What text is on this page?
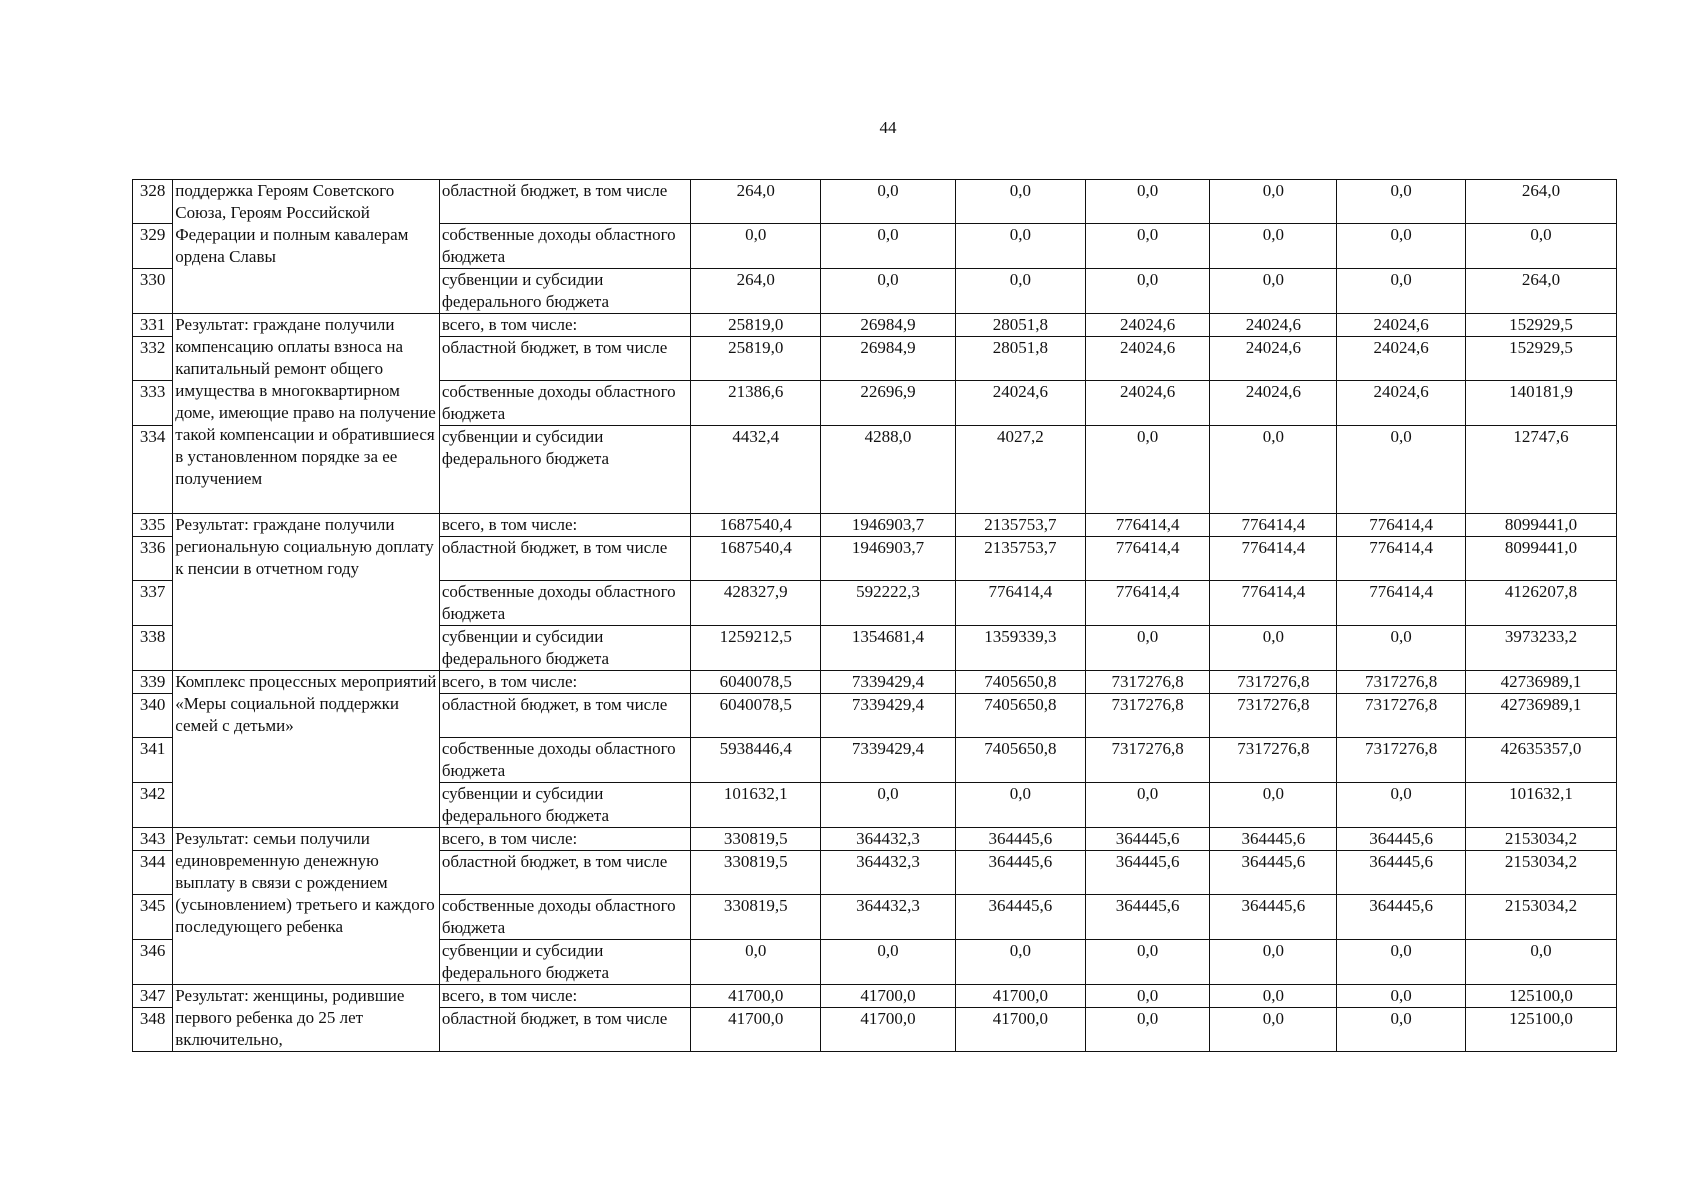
44
328	поддержка Героям Советского Союза, Героям Российской Федерации и полным кавалерам ордена Славы	областной бюджет, в том числе	264,0	0,0	0,0	0,0	0,0	0,0	264,0
329		собственные доходы областного бюджета	0,0	0,0	0,0	0,0	0,0	0,0	0,0
330		субвенции и субсидии федерального бюджета	264,0	0,0	0,0	0,0	0,0	0,0	264,0
331	Результат: граждане получили компенсацию оплаты взноса на капитальный ремонт общего имущества в многоквартирном доме, имеющие право на получение такой компенсации и обратившиеся в установленном порядке за ее получением	всего, в том числе:	25819,0	26984,9	28051,8	24024,6	24024,6	24024,6	152929,5
332		областной бюджет, в том числе	25819,0	26984,9	28051,8	24024,6	24024,6	24024,6	152929,5
333		собственные доходы областного бюджета	21386,6	22696,9	24024,6	24024,6	24024,6	24024,6	140181,9
334		субвенции и субсидии федерального бюджета	4432,4	4288,0	4027,2	0,0	0,0	0,0	12747,6
335	Результат: граждане получили региональную социальную доплату к пенсии в отчетном году	всего, в том числе:	1687540,4	1946903,7	2135753,7	776414,4	776414,4	776414,4	8099441,0
336		областной бюджет, в том числе	1687540,4	1946903,7	2135753,7	776414,4	776414,4	776414,4	8099441,0
337		собственные доходы областного бюджета	428327,9	592222,3	776414,4	776414,4	776414,4	776414,4	4126207,8
338		субвенции и субсидии федерального бюджета	1259212,5	1354681,4	1359339,3	0,0	0,0	0,0	3973233,2
339	Комплекс процессных мероприятий «Меры социальной поддержки семей с детьми»	всего, в том числе:	6040078,5	7339429,4	7405650,8	7317276,8	7317276,8	7317276,8	42736989,1
340		областной бюджет, в том числе	6040078,5	7339429,4	7405650,8	7317276,8	7317276,8	7317276,8	42736989,1
341		собственные доходы областного бюджета	5938446,4	7339429,4	7405650,8	7317276,8	7317276,8	7317276,8	42635357,0
342		субвенции и субсидии федерального бюджета	101632,1	0,0	0,0	0,0	0,0	0,0	101632,1
343	Результат: семьи получили единовременную денежную выплату в связи с рождением (усыновлением) третьего и каждого последующего ребенка	всего, в том числе:	330819,5	364432,3	364445,6	364445,6	364445,6	364445,6	2153034,2
344		областной бюджет, в том числе	330819,5	364432,3	364445,6	364445,6	364445,6	364445,6	2153034,2
345		собственные доходы областного бюджета	330819,5	364432,3	364445,6	364445,6	364445,6	364445,6	2153034,2
346		субвенции и субсидии федерального бюджета	0,0	0,0	0,0	0,0	0,0	0,0	0,0
347	Результат: женщины, родившие первого ребенка до 25 лет включительно,	всего, в том числе:	41700,0	41700,0	41700,0	0,0	0,0	0,0	125100,0
348		областной бюджет, в том числе	41700,0	41700,0	41700,0	0,0	0,0	0,0	125100,0
